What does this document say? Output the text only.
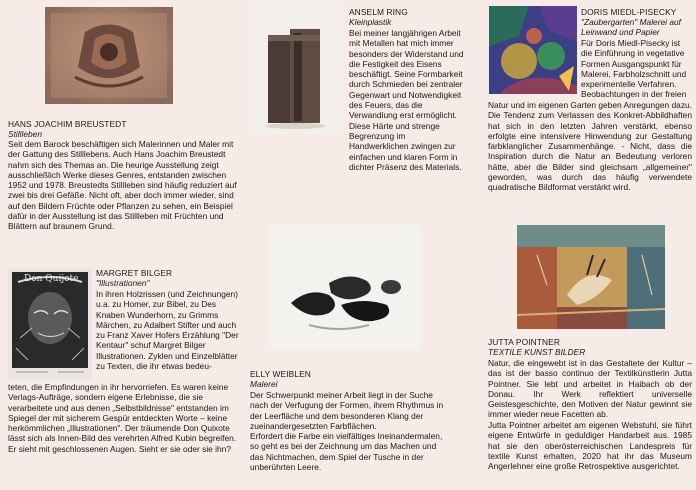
HANS JOACHIM BREUSTEDT
Stillleben

Seit dem Barock beschäftigen sich Malerinnen und Maler mit der Gattung des Stilllebens. Auch Hans Joachim Breustedt nahm sich des Themas an. Die heurige Ausstellung zeigt ausschließlich Werke dieses Genres, entstanden zwischen 1952 und 1978. Breustedts Stillleben sind häufig reduziert auf zwei bis drei Gefäße. Nicht oft, aber doch immer wieder, sind auf den Bildern Früchte oder Pflanzen zu sehen, ein Beispiel dafür in der Ausstellung ist das Stillleben mit Früchten und Blättern auf braunem Grund.

ANSELM RING
Kleinplastik

Bei meiner langjährigen Arbeit mit Metallen hat mich immer besonders der Widerstand und die Festigkeit des Eisens beschäftigt. Seine Formbarkeit durch Schmieden bei zentraler Gegenwart und Notwendigkeit des Feuers, das die Verwandlung erst ermöglicht. Diese Härte und strenge Begrenzung im Handwerklichen zwingen zur einfachen und klaren Form in dichter Präsenz des Materials.

DORIS MIEDL-PISECKY
"Zaubergarten" Malerei auf Leinwand und Papier

Für Doris Miedl-Pisecky ist die Einführung in vegetative Formen Ausgangspunkt für Malerei, Farbholzschnitt und experimentelle Verfahren. Beobachtungen in der freien

Natur und im eigenen Garten geben Anregungen dazu. Die Tendenz zum Verlassen des Konkret-Abbildhaften hat sich in den letzten Jahren verstärkt, ebenso erfolgte eine intensivere Hinwendung zur Gestaltung farbklanglicher Zusammenhänge. - Nicht, dass die Inspiration durch die Natur an Bedeutung verloren hätte, aber die Bilder sind gleichsam „allgemeiner" geworden, was durch das häufig verwendete quadratische Bildformat verstärkt wird.

Don Quijote
MARGRET BILGER
"Illustrationen"

In ihren Holzrissen (und Zeichnungen) u.a. zu Homer, zur Bibel, zu Des Knaben Wunderhorn, zu Grimms Märchen, zu Adalbert Stifter und auch zu Franz Xaver Hofers Erzählung "Der Kentaur" schuf Margret Bilger Illustrationen. Zyklen und Einzelblätter zu Texten, die ihr etwas bedeu-

teten, die Empfindungen in ihr hervorriefen. Es waren keine Verlags-Aufträge, sondern eigene Erlebnisse, die sie verarbeitete und aus denen „Selbstbildnisse" entstanden im Spiegel der mit sicherem Gespür entdeckten Worte – keine herkömmlichen „Illustrationen". Der träumende Don Quixote lässt sich als Innen-Bild des verehrten Alfred Kubin begreifen. Er sieht mit geschlossenen Augen. Sieht er sie oder sie ihn?

ELLY WEIBLEN
Malerei

Der Schwerpunkt meiner Arbeit liegt in der Suche nach der Verfugung der Formen, ihrem Rhythmus in der Leerfläche und dem besonderen Klang der zueinandergesetzten Farbflächen.

Erfordert die Farbe ein vielfältiges Ineinandermalen, so geht es bei der Zeichnung um das Machen und das Nichtmachen, dem Spiel der Tusche in der unberührten Leere.

JUTTA POINTNER
TEXTILE KUNST BILDER

Natur, die eingewebt ist in das Gestaltete der Kultur – das ist der basso continuo der Textilkünstlerin Jutta Pointner. Sie lebt und arbeitet in Haibach ob der Donau. Ihr Werk reflektiert universelle Geistesgeschichte, den Motiven der Natur gewinnt sie immer wieder neue Facetten ab.

Jutta Pointner arbeitet am eigenen Webstuhl, sie führt eigene Entwürfe in geduldiger Handarbeit aus. 1985 hat sie den oberösterreichischen Landespreis für textile Kunst erhalten, 2020 hat ihr das Museum Angerlehner eine große Retrospektive ausgerichtet.
